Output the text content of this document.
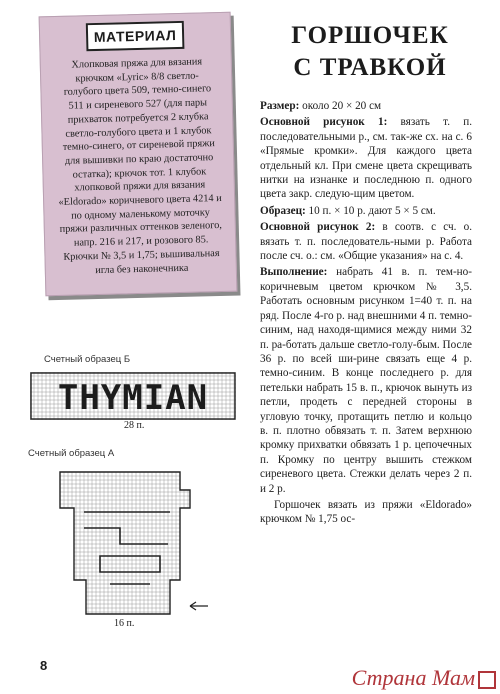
МАТЕРИАЛ
Хлопковая пряжа для вязания
крючком «Lyric» 8/8 светло-
голубого цвета 509, темно-синего
511 и сиреневого 527 (для пары
прихваток потребуется 2 клубка
светло-голубого цвета и 1 клубок
темно-синего, от сиреневой пряжи
для вышивки по краю достаточно
остатка); крючок тот. 1 клубок
хлопковой пряжи для вязания
«Eldorado» коричневого цвета 4214 и
по одному маленькому моточку
пряжи различных оттенков зеленого,
напр. 216 и 217, и розового 85.
Крючки № 3,5 и 1,75; вышивальная
игла без наконечника
ГОРШОЧЕК
С ТРАВКОЙ

Размер: около 20 × 20 см

Основной рисунок 1: вязать т. п. последовательными р., см. так-же сх. на с. 6 «Прямые кромки». Для каждого цвета отдельный кл. При смене цвета скрещивать нитки на изнанке и последнюю п. одного цвета закр. следую-щим цветом.

Образец: 10 п. × 10 р. дают 5 × 5 см.

Основной рисунок 2: в соотв. с сч. о. вязать т. п. последователь-ными р. Работа после сч. о.: см. «Общие указания» на с. 4.

Выполнение: набрать 41 в. п. тем-но-коричневым цветом крючком № 3,5. Работать основным рисунком 1=40 т. п. на ряд. После 4-го р. над внешними 4 п. темно-синим, над находя-щимися между ними 32 п. ра-ботать дальше светло-голу-бым. После 36 р. по всей ши-рине связать еще 4 р. темно-синим. В конце последнего р. для петельки набрать 15 в. п., крючок вынуть из петли, продеть с передней стороны в угловую точку, протащить петлю и кольцо в. п. плотно обвязать т. п. Затем верхнюю кромку прихватки обвязать 1 р. цепочечных п. Кромку по центру вышить стежком сиреневого цвета. Стежки делать через 2 п. и 2 р.

Горшочек вязать из пряжи «Eldorado» крючком № 1,75 ос-

Счетный образец Б
THYMIAN
28 п.
Счетный образец А
16 п.
8	Страна Мам
